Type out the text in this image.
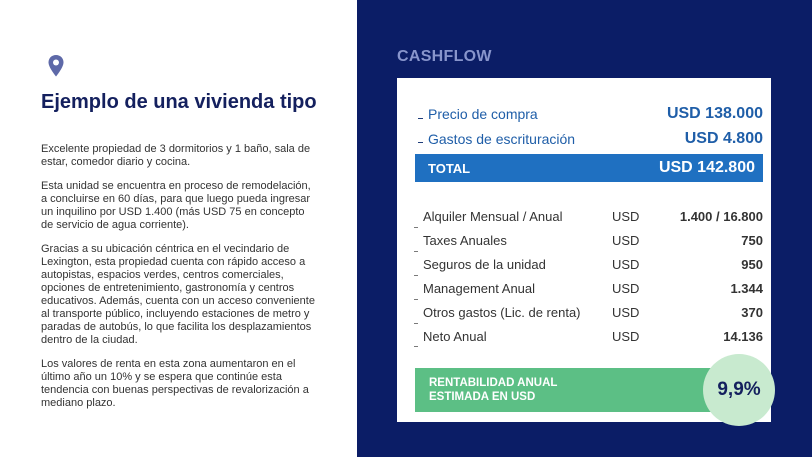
Ejemplo de una vivienda tipo

Excelente propiedad de 3 dormitorios y 1 baño, sala de estar, comedor diario y cocina.

Esta unidad se encuentra en proceso de remodelación, a concluirse en 60 días, para que luego pueda ingresar un inquilino por USD 1.400 (más USD 75 en concepto de servicio de agua corriente).

Gracias a su ubicación céntrica en el vecindario de Lexington, esta propiedad cuenta con rápido acceso a autopistas, espacios verdes, centros comerciales, opciones de entretenimiento, gastronomía y centros educativos. Además, cuenta con un acceso conveniente al transporte público, incluyendo estaciones de metro y paradas de autobús, lo que facilita los desplazamientos dentro de la ciudad.

Los valores de renta en esta zona aumentaron en el último año un 10% y se espera que continúe esta tendencia con buenas perspectivas de revalorización a mediano plazo.

CASHFLOW
Precio de compra	USD 138.000
Gastos de escrituración	USD 4.800
TOTAL	USD 142.800
Alquiler Mensual / Anual	USD	1.400 / 16.800
Taxes Anuales	USD	750
Seguros de la unidad	USD	950
Management Anual	USD	1.344
Otros gastos (Lic. de renta) USD	370
Neto Anual	USD	14.136
RENTABILIDAD ANUAL ESTIMADA EN USD	9,9%
